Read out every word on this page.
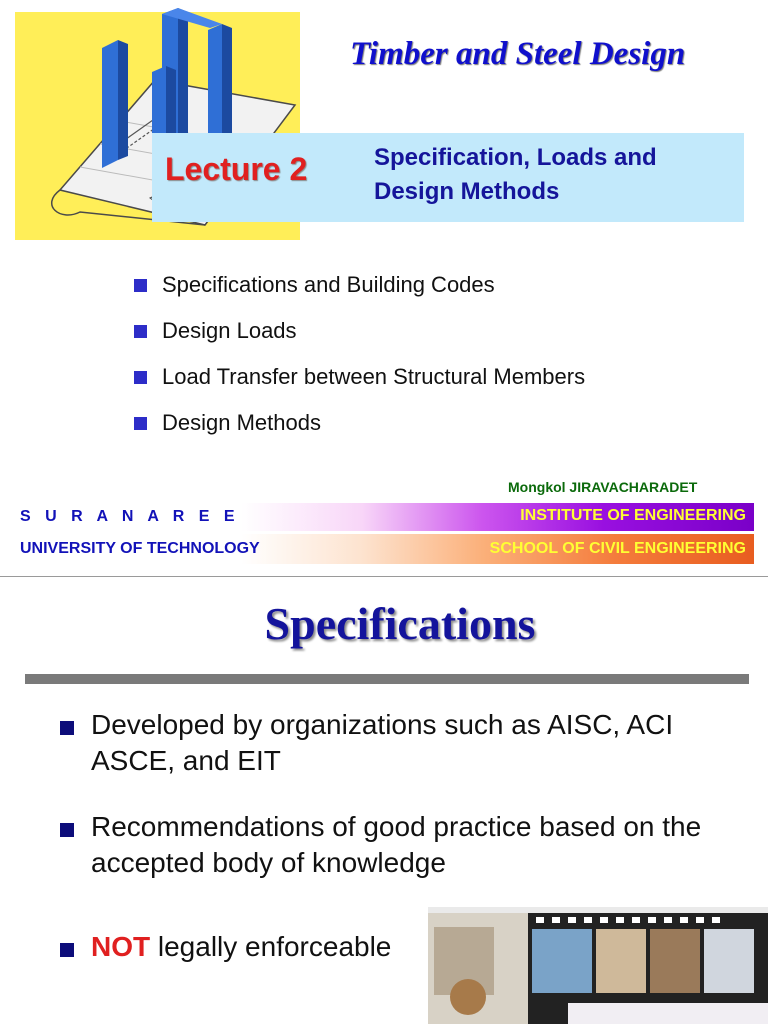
Timber and Steel Design
Lecture 2	Specification, Loads and Design Methods
Specifications and Building Codes
Design Loads
Load Transfer between Structural Members
Design Methods
Mongkol JIRAVACHARADET
S U R A N A R E E	INSTITUTE OF ENGINEERING
UNIVERSITY OF TECHNOLOGY	SCHOOL OF CIVIL ENGINEERING
Specifications
Developed by organizations such as AISC, ACI ASCE, and EIT
Recommendations of good practice based on the accepted body of knowledge
NOT legally enforceable
